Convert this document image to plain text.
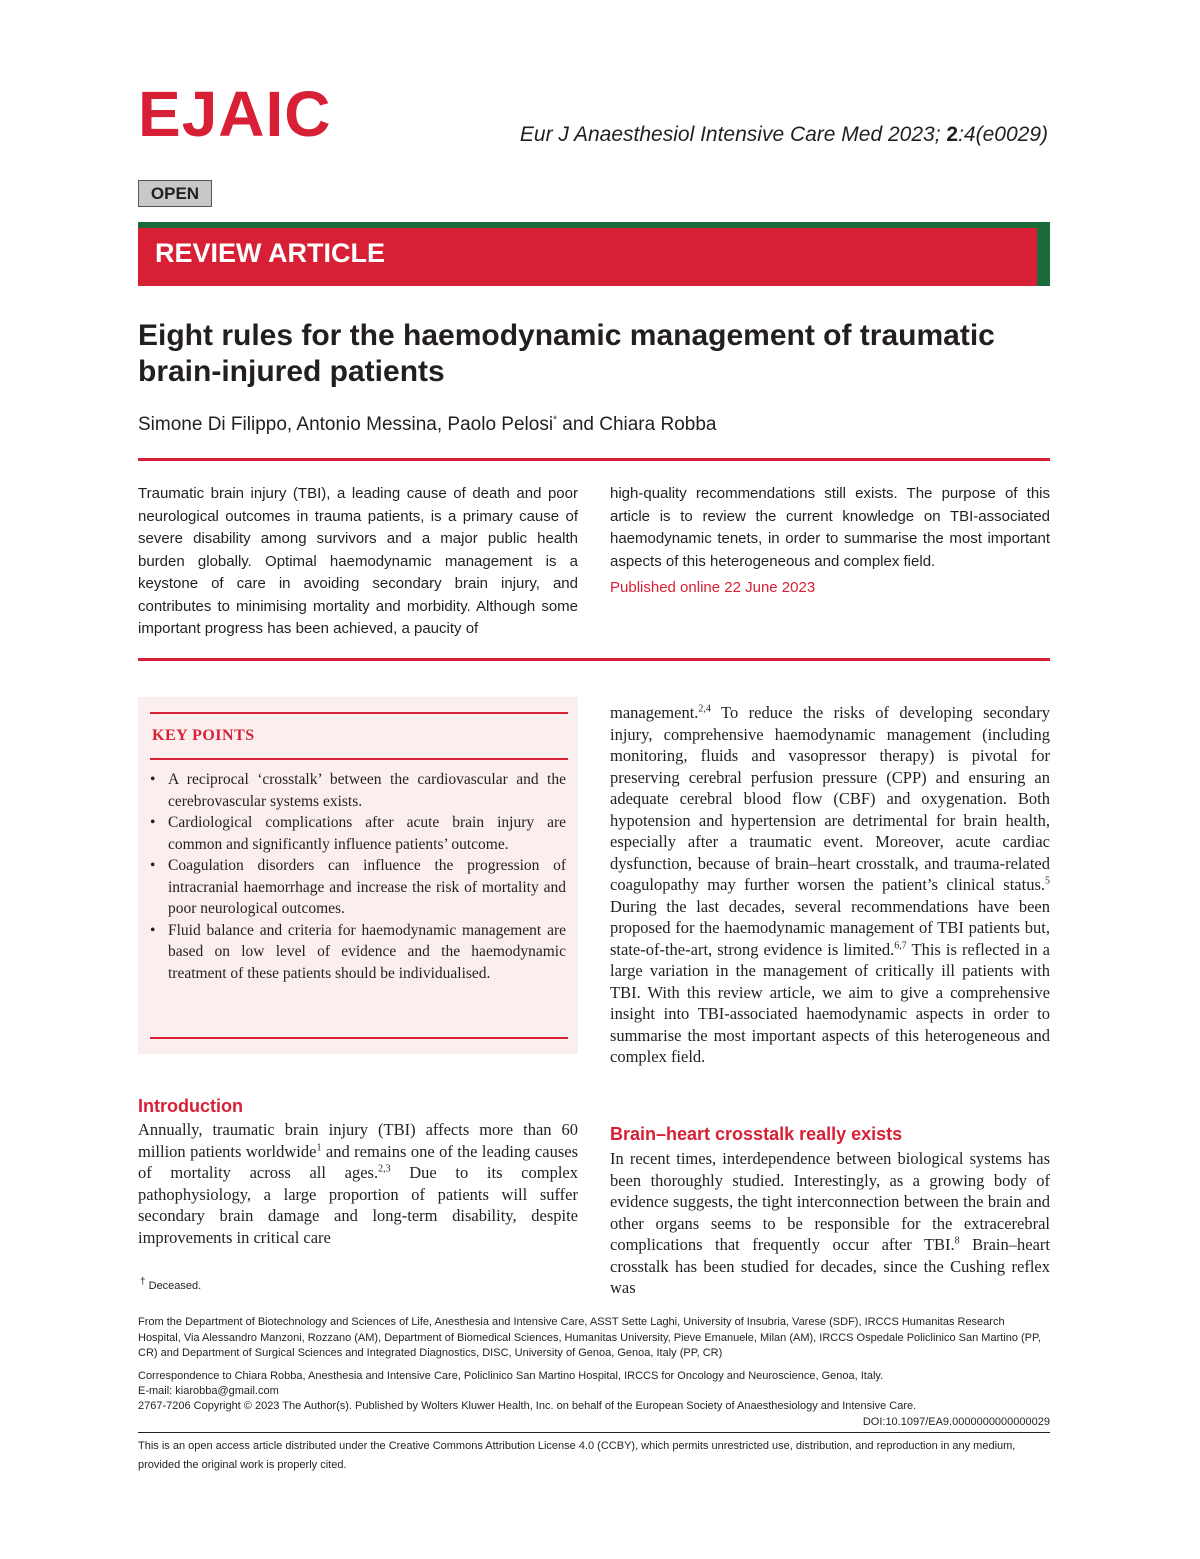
EJAIC	Eur J Anaesthesiol Intensive Care Med 2023; 2:4(e0029)
OPEN
REVIEW ARTICLE
Eight rules for the haemodynamic management of traumatic brain-injured patients
Simone Di Filippo, Antonio Messina, Paolo Pelosi* and Chiara Robba
Traumatic brain injury (TBI), a leading cause of death and poor neurological outcomes in trauma patients, is a primary cause of severe disability among survivors and a major public health burden globally. Optimal haemodynamic management is a keystone of care in avoiding secondary brain injury, and contributes to minimising mortality and morbidity. Although some important progress has been achieved, a paucity of
high-quality recommendations still exists. The purpose of this article is to review the current knowledge on TBI-associated haemodynamic tenets, in order to summarise the most important aspects of this heterogeneous and complex field.
Published online 22 June 2023
KEY POINTS
• A reciprocal ‘crosstalk’ between the cardiovascular and the cerebrovascular systems exists.
• Cardiological complications after acute brain injury are common and significantly influence patients’ outcome.
• Coagulation disorders can influence the progression of intracranial haemorrhage and increase the risk of mortality and poor neurological outcomes.
• Fluid balance and criteria for haemodynamic management are based on low level of evidence and the haemodynamic treatment of these patients should be individualised.
Introduction
Annually, traumatic brain injury (TBI) affects more than 60 million patients worldwide$^1$ and remains one of the leading causes of mortality across all ages.$^{2,3}$ Due to its complex pathophysiology, a large proportion of patients will suffer secondary brain damage and long-term disability, despite improvements in critical care
management.$^{2,4}$ To reduce the risks of developing secondary injury, comprehensive haemodynamic management (including monitoring, fluids and vasopressor therapy) is pivotal for preserving cerebral perfusion pressure (CPP) and ensuring an adequate cerebral blood flow (CBF) and oxygenation. Both hypotension and hypertension are detrimental for brain health, especially after a traumatic event. Moreover, acute cardiac dysfunction, because of brain–heart crosstalk, and trauma-related coagulopathy may further worsen the patient’s clinical status.$^5$ During the last decades, several recommendations have been proposed for the haemodynamic management of TBI patients but, state-of-the-art, strong evidence is limited.$^{6,7}$ This is reflected in a large variation in the management of critically ill patients with TBI. With this review article, we aim to give a comprehensive insight into TBI-associated haemodynamic aspects in order to summarise the most important aspects of this heterogeneous and complex field.
Brain–heart crosstalk really exists
In recent times, interdependence between biological systems has been thoroughly studied. Interestingly, as a growing body of evidence suggests, the tight interconnection between the brain and other organs seems to be responsible for the extracerebral complications that frequently occur after TBI.$^8$ Brain–heart crosstalk has been studied for decades, since the Cushing reflex was
† Deceased.
From the Department of Biotechnology and Sciences of Life, Anesthesia and Intensive Care, ASST Sette Laghi, University of Insubria, Varese (SDF), IRCCS Humanitas Research Hospital, Via Alessandro Manzoni, Rozzano (AM), Department of Biomedical Sciences, Humanitas University, Pieve Emanuele, Milan (AM), IRCCS Ospedale Policlinico San Martino (PP, CR) and Department of Surgical Sciences and Integrated Diagnostics, DISC, University of Genoa, Genoa, Italy (PP, CR)
Correspondence to Chiara Robba, Anesthesia and Intensive Care, Policlinico San Martino Hospital, IRCCS for Oncology and Neuroscience, Genoa, Italy.
E-mail: kiarobba@gmail.com
2767-7206 Copyright © 2023 The Author(s). Published by Wolters Kluwer Health, Inc. on behalf of the European Society of Anaesthesiology and Intensive Care.
DOI:10.1097/EA9.0000000000000029
This is an open access article distributed under the Creative Commons Attribution License 4.0 (CCBY), which permits unrestricted use, distribution, and reproduction in any medium, provided the original work is properly cited.
